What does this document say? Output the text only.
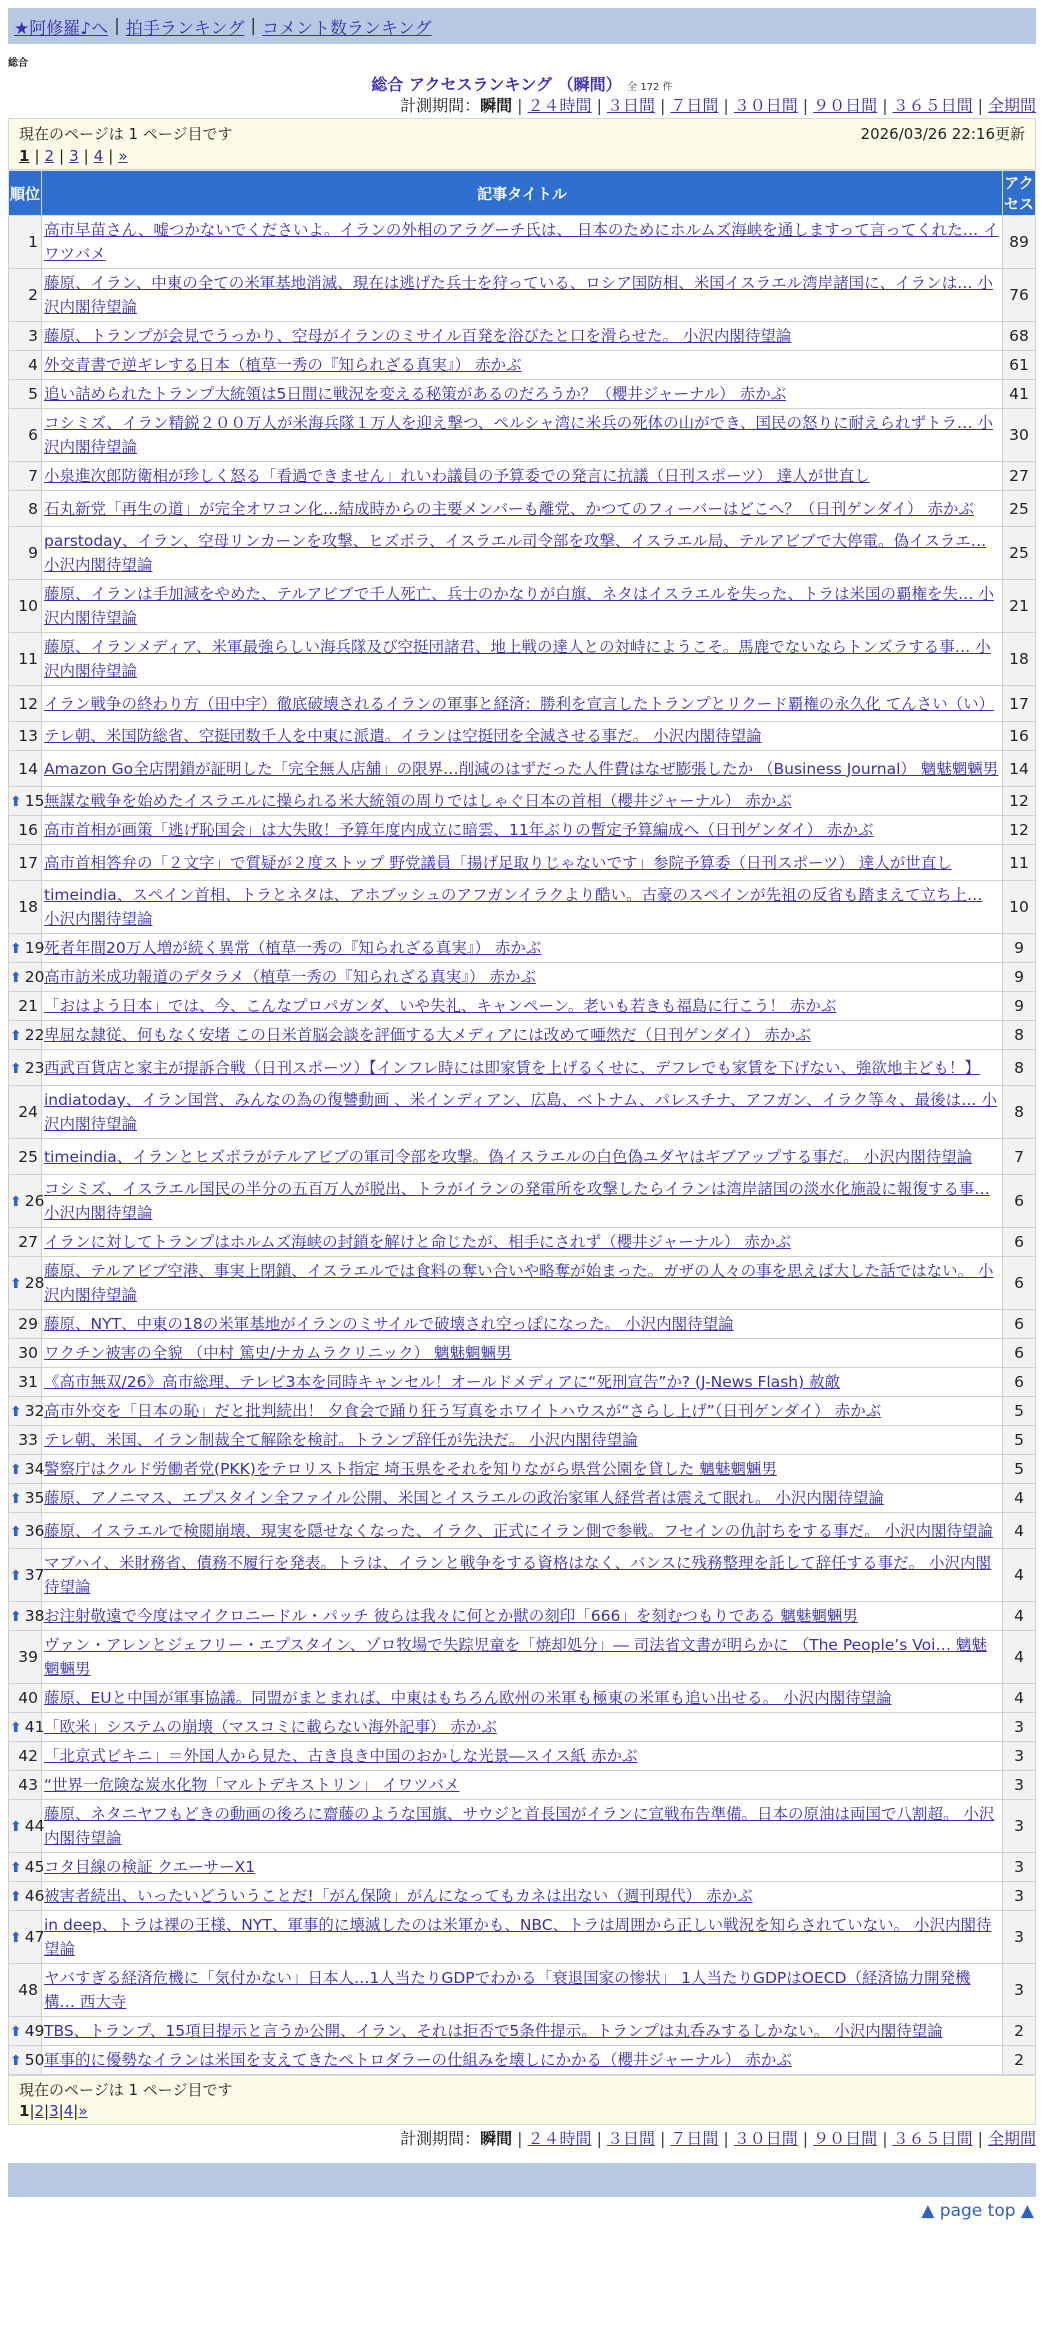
★阿修羅♪へ | 拍手ランキング | コメント数ランキング
総合
総合 アクセスランキング （瞬間） 全 172 件
計測期間：瞬間 | ２４時間 | ３日間 | ７日間 | ３０日間 | ９０日間 | ３６５日間 | 全期間
現在のページは 1 ページ目です	2026/03/26 22:16更新
1 | 2 | 3 | 4 | »
順位	記事タイトル	アクセス
1	高市早苗さん、嘘つかないでくださいよ。イランの外相のアラグーチ氏は、 日本のためにホルムズ海峡を通しますって言ってくれた… イワツバメ	89
2	藤原、イラン、中東の全ての米軍基地消滅、現在は逃げた兵士を狩っている、ロシア国防相、米国イスラエル湾岸諸国に、イランは… 小沢内閣待望論	76
3	藤原、トランプが会見でうっかり、空母がイランのミサイル百発を浴びたと口を滑らせた。 小沢内閣待望論	68
4	外交青書で逆ギレする日本（植草一秀の『知られざる真実』） 赤かぶ	61
5	追い詰められたトランプ大統領は5日間に戦況を変える秘策があるのだろうか？（櫻井ジャーナル） 赤かぶ	41
6	コシミズ、イラン精鋭２００万人が米海兵隊１万人を迎え撃つ、ペルシャ湾に米兵の死体の山ができ、国民の怒りに耐えられずトラ… 小沢内閣待望論	30
7	小泉進次郎防衛相が珍しく怒る「看過できません」れいわ議員の予算委での発言に抗議（日刊スポーツ） 達人が世直し	27
8	石丸新党「再生の道」が完全オワコン化…結成時からの主要メンバーも離党、かつてのフィーバーはどこへ？（日刊ゲンダイ） 赤かぶ	25
9	parstoday、イラン、空母リンカーンを攻撃、ヒズボラ、イスラエル司令部を攻撃、イスラエル局、テルアビブで大停電。偽イスラエ… 小沢内閣待望論	25
10	藤原、イランは手加減をやめた、テルアビブで千人死亡、兵士のかなりが白旗、ネタはイスラエルを失った、トラは米国の覇権を失… 小沢内閣待望論	21
11	藤原、イランメディア、米軍最強らしい海兵隊及び空挺団諸君、地上戦の達人との対峙にようこそ。馬鹿でないならトンズラする事… 小沢内閣待望論	18
12	イラン戦争の終わり方（田中宇）徹底破壊されるイランの軍事と経済：勝利を宣言したトランプとリクード覇権の永久化 てんさい（い）	17
13	テレ朝、米国防総省、空挺団数千人を中東に派遣。イランは空挺団を全滅させる事だ。 小沢内閣待望論	16
14	Amazon Go全店閉鎖が証明した「完全無人店舗」の限界…削減のはずだった人件費はなぜ膨張したか （Business Journal） 魑魅魍魎男	14
⬆ 15	無謀な戦争を始めたイスラエルに操られる米大統領の周りではしゃぐ日本の首相（櫻井ジャーナル） 赤かぶ	12
16	高市首相が画策「逃げ恥国会」は大失敗！予算年度内成立に暗雲、11年ぶりの暫定予算編成へ（日刊ゲンダイ） 赤かぶ	12
17	高市首相答弁の「２文字」で質疑が２度ストップ 野党議員「揚げ足取りじゃないです」参院予算委（日刊スポーツ） 達人が世直し	11
18	timeindia、スペイン首相、トラとネタは、アホブッシュのアフガンイラクより酷い。古豪のスペインが先祖の反省も踏まえて立ち上… 小沢内閣待望論	10
⬆ 19	死者年間20万人増が続く異常（植草一秀の『知られざる真実』） 赤かぶ	9
⬆ 20	高市訪米成功報道のデタラメ（植草一秀の『知られざる真実』） 赤かぶ	9
21	「おはよう日本」では、今、こんなプロパガンダ、いや失礼、キャンペーン。老いも若きも福島に行こう！ 赤かぶ	9
⬆ 22	卑屈な隷従、何もなく安堵 この日米首脳会談を評価する大メディアには改めて唖然だ（日刊ゲンダイ） 赤かぶ	8
⬆ 23	西武百貨店と家主が提訴合戦（日刊スポーツ）【インフレ時には即家賃を上げるくせに、デフレでも家賃を下げない、強欲地主ども！】	8
24	indiatoday、イラン国営、みんなの為の復讐動画 、米インディアン、広島、ベトナム、パレスチナ、アフガン、イラク等々、最後は… 小沢内閣待望論	8
25	timeindia、イランとヒズボラがテルアビブの軍司令部を攻撃。偽イスラエルの白色偽ユダヤはギブアップする事だ。 小沢内閣待望論	7
⬆ 26	コシミズ、イスラエル国民の半分の五百万人が脱出、トラがイランの発電所を攻撃したらイランは湾岸諸国の淡水化施設に報復する事… 小沢内閣待望論	6
27	イランに対してトランプはホルムズ海峡の封鎖を解けと命じたが、相手にされず（櫻井ジャーナル） 赤かぶ	6
⬆ 28	藤原、テルアビブ空港、事実上閉鎖、イスラエルでは食料の奪い合いや略奪が始まった。ガザの人々の事を思えば大した話ではない。 小沢内閣待望論	6
29	藤原、NYT、中東の18の米軍基地がイランのミサイルで破壊され空っぽになった。 小沢内閣待望論	6
30	ワクチン被害の全貌 （中村 篤史/ナカムラクリニック） 魑魅魍魎男	6
31	《高市無双/26》高市総理、テレビ3本を同時キャンセル！オールドメディアに“死刑宣告”か? (J-News Flash) 赦敵	6
⬆ 32	高市外交を「日本の恥」だと批判続出！ 夕食会で踊り狂う写真をホワイトハウスが“さらし上げ”（日刊ゲンダイ） 赤かぶ	5
33	テレ朝、米国、イラン制裁全て解除を検討。トランプ辞任が先決だ。 小沢内閣待望論	5
⬆ 34	警察庁はクルド労働者党(PKK)をテロリスト指定 埼玉県をそれを知りながら県営公園を貸した 魑魅魍魎男	5
⬆ 35	藤原、アノニマス、エプスタイン全ファイル公開、米国とイスラエルの政治家軍人経営者は震えて眠れ。 小沢内閣待望論	4
⬆ 36	藤原、イスラエルで検閲崩壊、現実を隠せなくなった、イラク、正式にイラン側で参戦。フセインの仇討ちをする事だ。 小沢内閣待望論	4
⬆ 37	マブハイ、米財務省、債務不履行を発表。トラは、イランと戦争をする資格はなく、バンスに残務整理を託して辞任する事だ。 小沢内閣待望論	4
⬆ 38	お注射敬遠で今度はマイクロニードル・パッチ 彼らは我々に何とか獣の刻印「666」を刻むつもりである 魑魅魍魎男	4
39	ヴァン・アレンとジェフリー・エプスタイン、ゾロ牧場で失踪児童を「焼却処分」― 司法省文書が明らかに （The People’s Voi… 魑魅魍魎男	4
40	藤原、EUと中国が軍事協議。同盟がまとまれば、中東はもちろん欧州の米軍も極東の米軍も追い出せる。 小沢内閣待望論	4
⬆ 41	「欧米」システムの崩壊（マスコミに載らない海外記事） 赤かぶ	3
42	「北京式ビキニ」＝外国人から見た、古き良き中国のおかしな光景―スイス紙 赤かぶ	3
43	“世界一危険な炭水化物「マルトデキストリン」 イワツバメ	3
⬆ 44	藤原、ネタニヤフもどきの動画の後ろに齋藤のような国旗、サウジと首長国がイランに宣戦布告準備。日本の原油は両国で八割超。 小沢内閣待望論	3
⬆ 45	コタ目線の検証 クエーサーX1	3
⬆ 46	被害者続出、いったいどういうことだ!「がん保険」がんになってもカネは出ない（週刊現代） 赤かぶ	3
⬆ 47	in deep、トラは裸の王様、NYT、軍事的に壊滅したのは米軍かも、NBC、トラは周囲から正しい戦況を知らされていない。 小沢内閣待望論	3
48	ヤバすぎる経済危機に「気付かない」日本人…1人当たりGDPでわかる「衰退国家の惨状」 1人当たりGDPはOECD（経済協力開発機構… 西大寺	3
⬆ 49	TBS、トランプ、15項目提示と言うか公開、イラン、それは拒否で5条件提示。トランプは丸呑みするしかない。 小沢内閣待望論	2
⬆ 50	軍事的に優勢なイランは米国を支えてきたペトロダラーの仕組みを壊しにかかる（櫻井ジャーナル） 赤かぶ	2
現在のページは 1 ページ目です
1 | 2 | 3 | 4 | »
計測期間：瞬間 | ２４時間 | ３日間 | ７日間 | ３０日間 | ９０日間 | ３６５日間 | 全期間
▲ page top ▲
